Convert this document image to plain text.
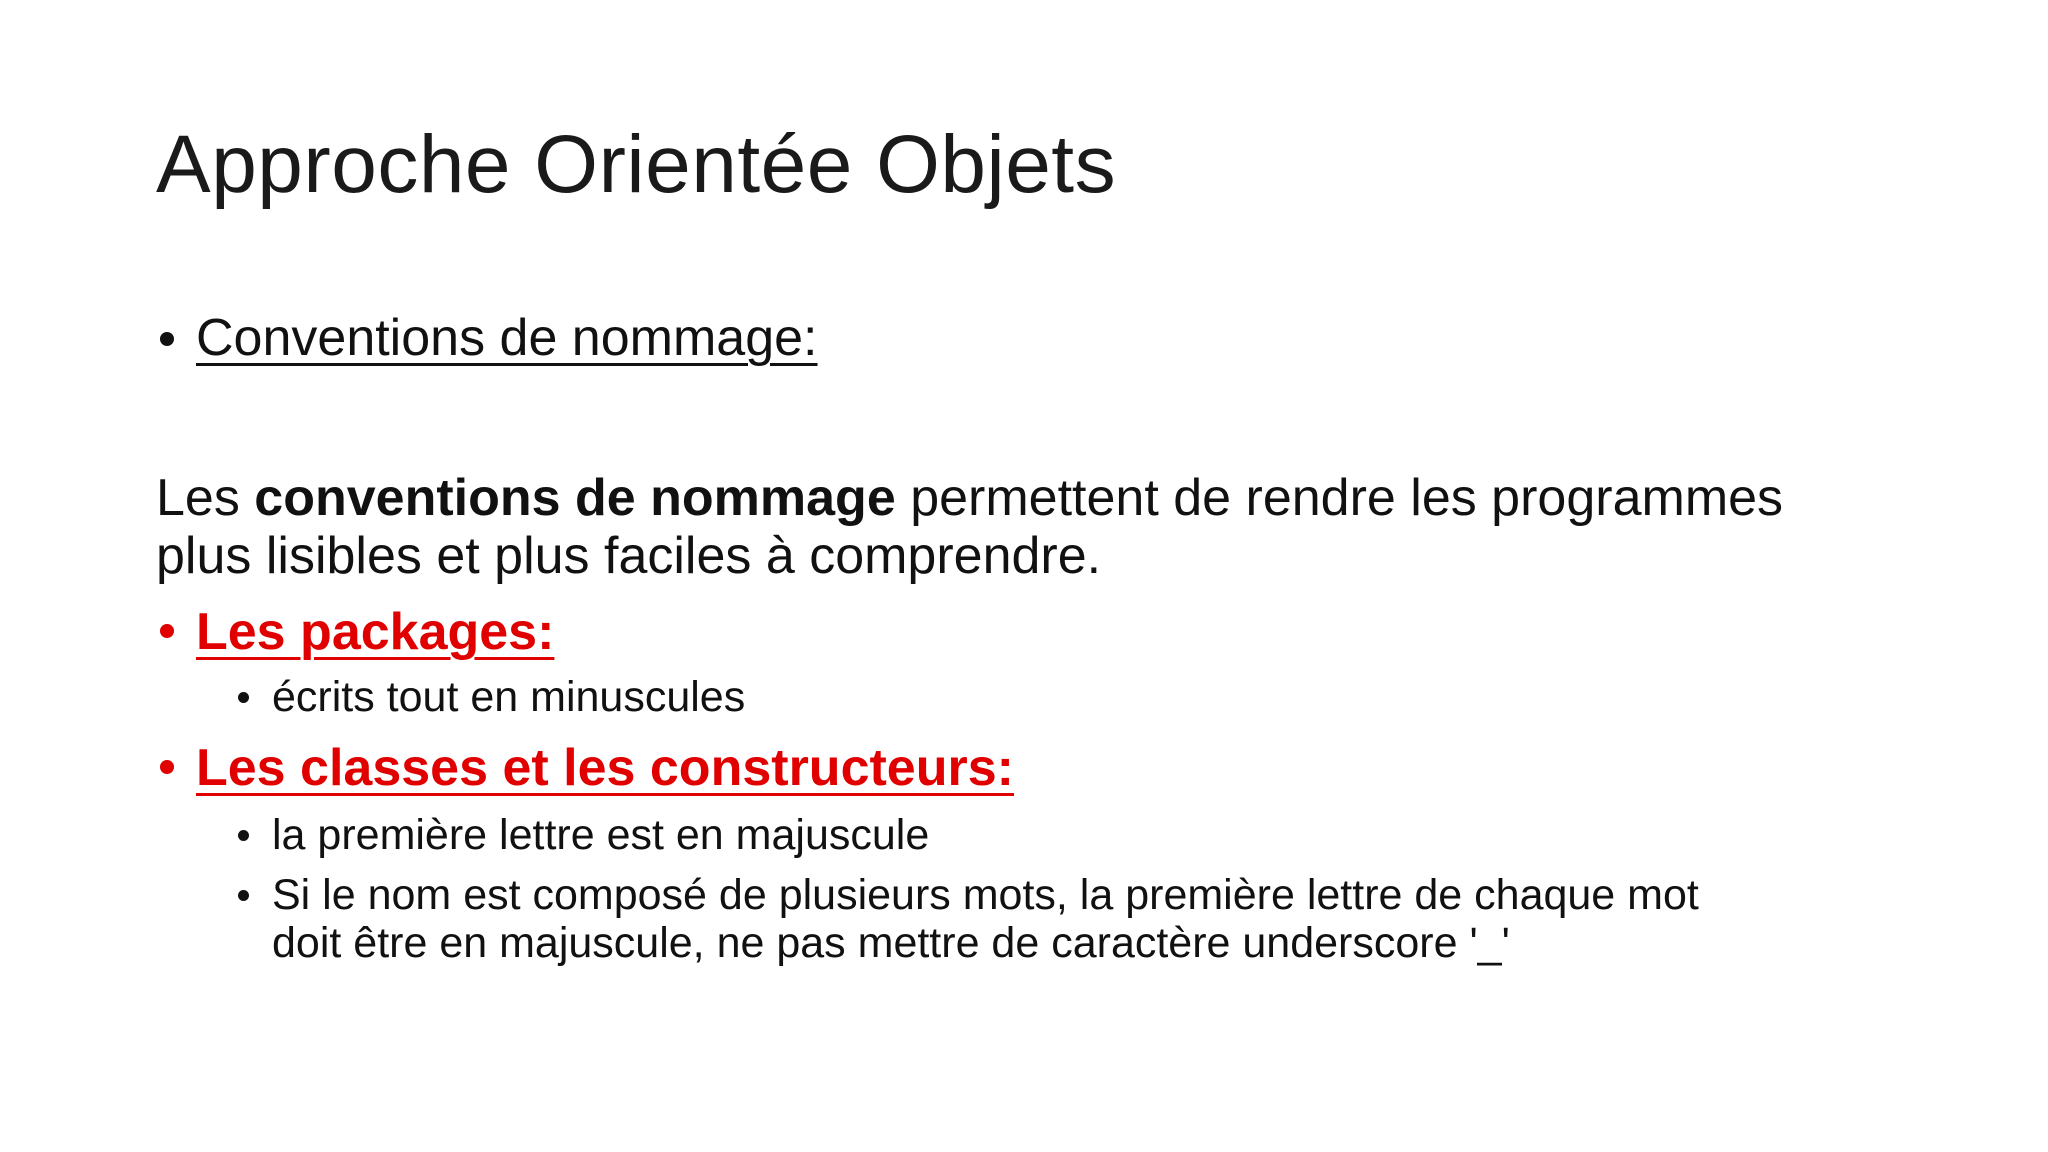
Approche Orientée Objets
Conventions de nommage:
Les conventions de nommage permettent de rendre les programmes
plus lisibles et plus faciles à comprendre.
Les packages:
écrits tout en minuscules
Les classes et les constructeurs:
la première lettre est en majuscule
Si le nom est composé de plusieurs mots, la première lettre de chaque mot
doit être en majuscule, ne pas mettre de caractère underscore '_'
